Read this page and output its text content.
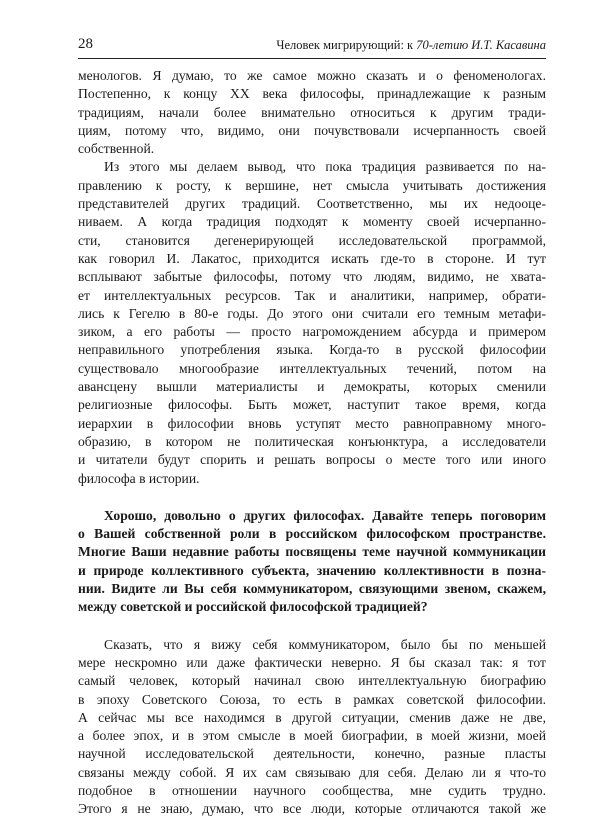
28	Человек мигрирующий: к 70-летию И.Т. Касавина

менологов. Я думаю, то же самое можно сказать и о феноменологах.
Постепенно, к концу XX века философы, принадлежащие к разным
традициям, начали более внимательно относиться к другим тради-
циям, потому что, видимо, они почувствовали исчерпанность своей
собственной.

Из этого мы делаем вывод, что пока традиция развивается по на-
правлению к росту, к вершине, нет смысла учитывать достижения
представителей других традиций. Соответственно, мы их недооце-
ниваем. А когда традиция подходят к моменту своей исчерпанно-
сти, становится дегенерирующей исследовательской программой,
как говорил И. Лакатос, приходится искать где-то в стороне. И тут
всплывают забытые философы, потому что людям, видимо, не хвата-
ет интеллектуальных ресурсов. Так и аналитики, например, обрати-
лись к Гегелю в 80-е годы. До этого они считали его темным метафи-
зиком, а его работы — просто нагромождением абсурда и примером
неправильного употребления языка. Когда-то в русской философии
существовало многообразие интеллектуальных течений, потом на
авансцену вышли материалисты и демократы, которых сменили
религиозные философы. Быть может, наступит такое время, когда
иерархии в философии вновь уступят место равноправному много-
образию, в котором не политическая конъюнктура, а исследователи
и читатели будут спорить и решать вопросы о месте того или иного
философа в истории.

Хорошо, довольно о других философах. Давайте теперь поговорим
о Вашей собственной роли в российском философском пространстве.
Многие Ваши недавние работы посвящены теме научной коммуникации
и природе коллективного субъекта, значению коллективности в позна-
нии. Видите ли Вы себя коммуникатором, связующими звеном, скажем,
между советской и российской философской традицией?

Сказать, что я вижу себя коммуникатором, было бы по меньшей
мере нескромно или даже фактически неверно. Я бы сказал так: я тот
самый человек, который начинал свою интеллектуальную биографию
в эпоху Советского Союза, то есть в рамках советской философии.
А сейчас мы все находимся в другой ситуации, сменив даже не две,
а более эпох, и в этом смысле в моей биографии, в моей жизни, моей
научной исследовательской деятельности, конечно, разные пласты
связаны между собой. Я их сам связываю для себя. Делаю ли я что-то
подобное в отношении научного сообщества, мне судить трудно.
Этого я не знаю, думаю, что все люди, которые отличаются такой же
